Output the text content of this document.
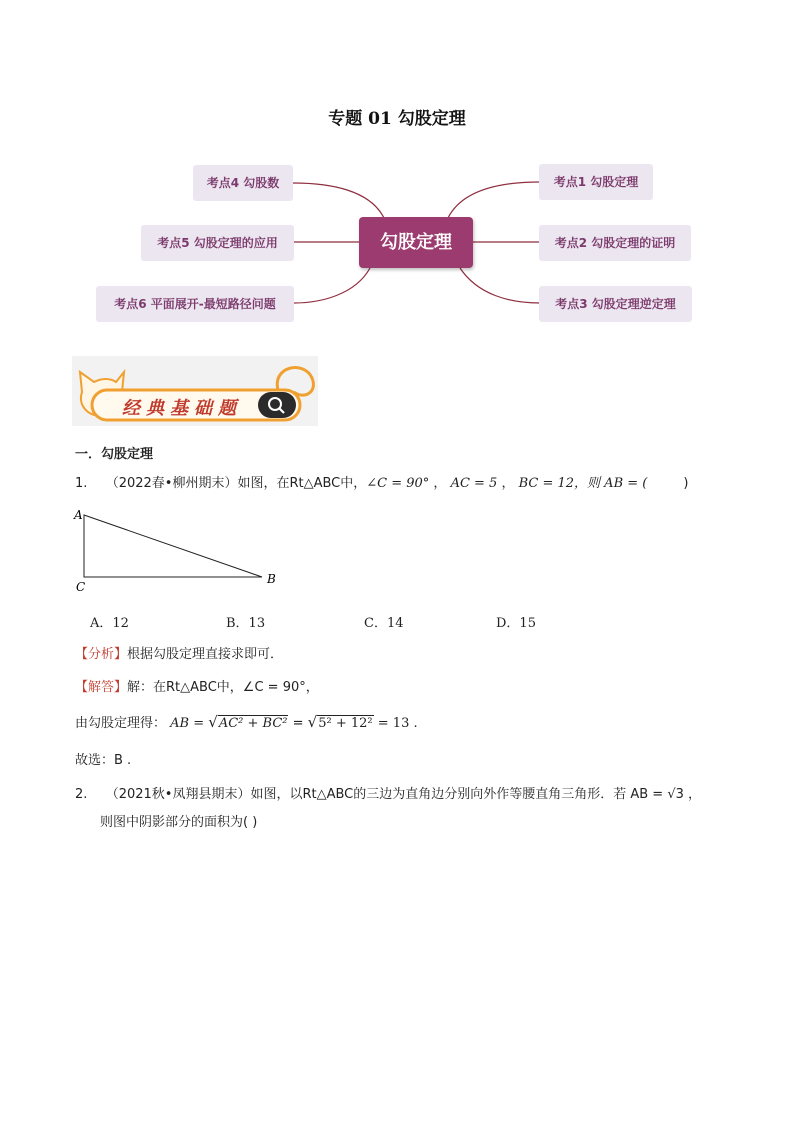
专题 01 勾股定理
勾股定理
考点4 勾股数
考点5 勾股定理的应用
考点6 平面展开-最短路径问题
考点1 勾股定理
考点2 勾股定理的证明
考点3 勾股定理逆定理
经典基础题
一．勾股定理
1. （2022春•柳州期末）如图，在Rt△ABC中，∠C = 90° ， AC = 5 ， BC = 12，则 AB = (	)
A
C
B
A．12	B．13	C．14	D．15
【分析】根据勾股定理直接求即可．
【解答】解：在Rt△ABC中，∠C = 90°，
由勾股定理得： AB = √AC² + BC² = √5² + 12² = 13 .
故选：B .
2. （2021秋•凤翔县期末）如图，以Rt△ABC的三边为直角边分别向外作等腰直角三角形．若 AB = √3 ，
则图中阴影部分的面积为( )
